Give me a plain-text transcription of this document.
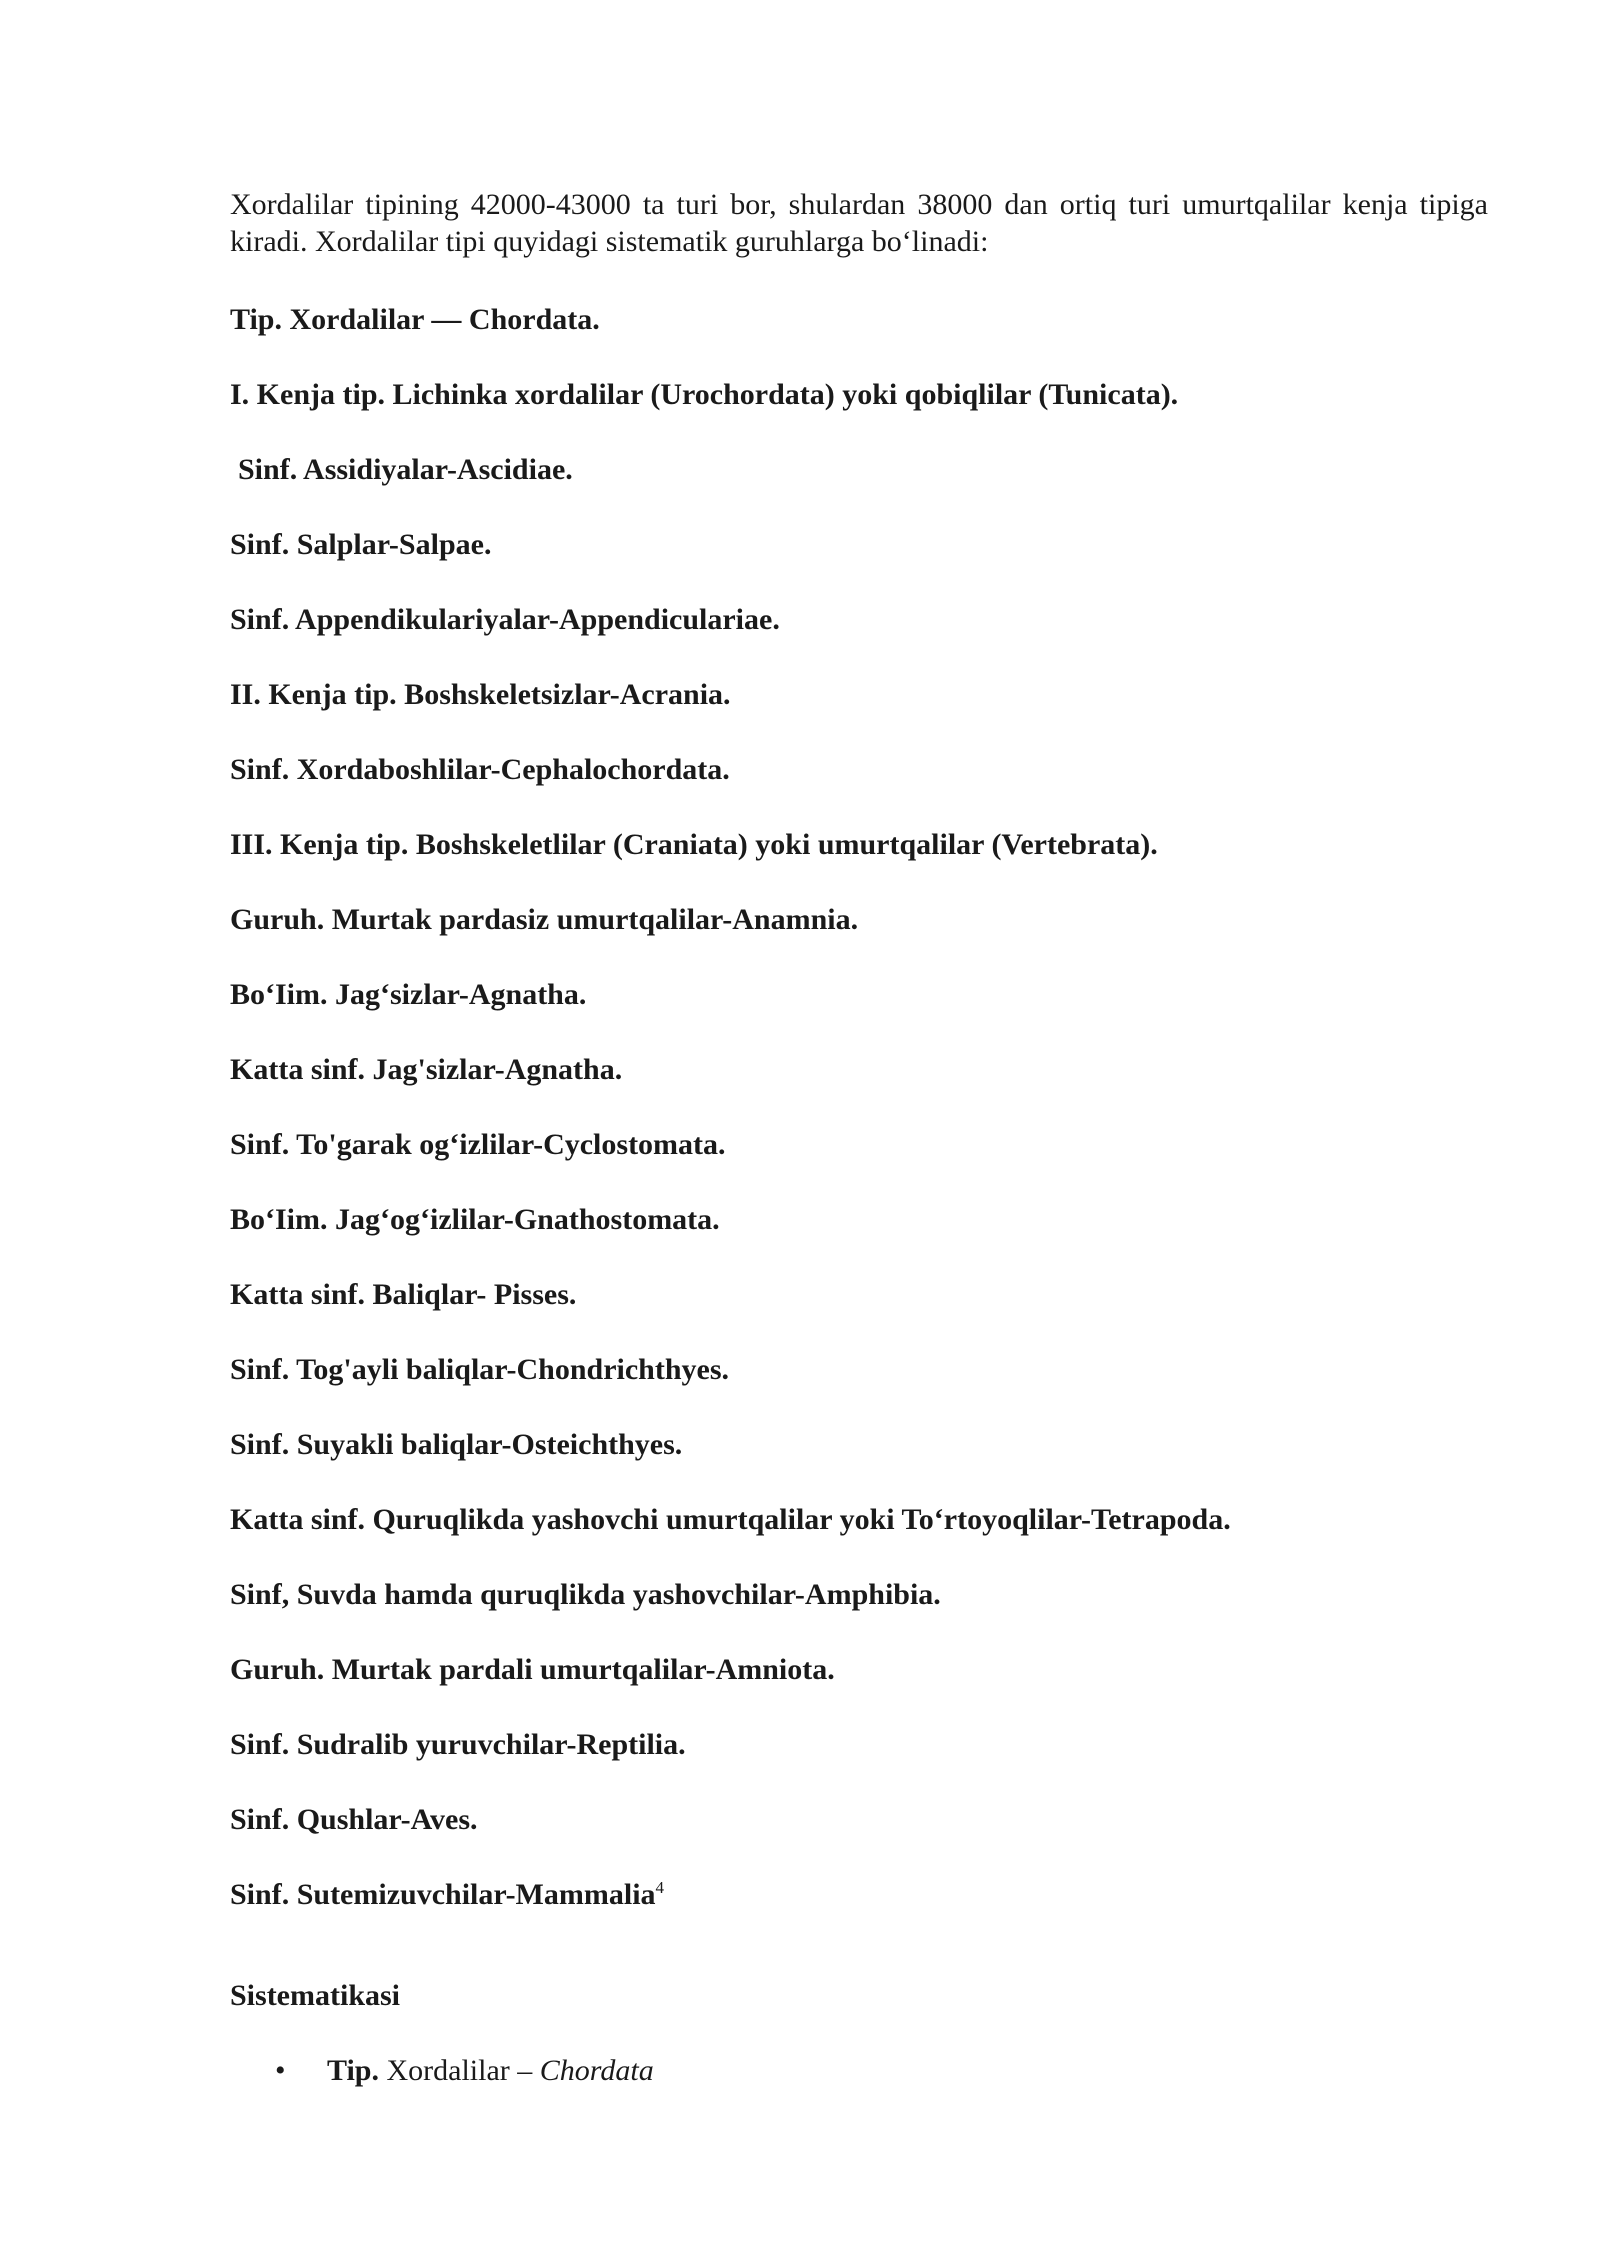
Xordalilar tipining 42000-43000 ta turi bor, shulardan 38000 dan ortiq turi umurtqalilar kenja tipiga kiradi. Xordalilar tipi quyidagi sistematik guruhlarga bo‘linadi:

Tip. Xordalilar — Chordata.

I. Kenja tip. Lichinka xordalilar (Urochordata) yoki qobiqlilar (Tunicata).

Sinf. Assidiyalar-Ascidiae.

Sinf. Salplar-Salpae.

Sinf. Appendikulariyalar-Appendiculariae.

II. Kenja tip. Boshskeletsizlar-Acrania.

Sinf. Xordaboshlilar-Cephalochordata.

III. Kenja tip. Boshskeletlilar (Craniata) yoki umurtqalilar (Vertebrata).

Guruh. Murtak pardasiz umurtqalilar-Anamnia.

Bo‘Iim. Jag‘sizlar-Agnatha.

Katta sinf. Jag'sizlar-Agnatha.

Sinf. To'garak og‘izlilar-Cyclostomata.

Bo‘Iim. Jag‘og‘izlilar-Gnathostomata.

Katta sinf. Baliqlar- Pisses.

Sinf. Tog'ayli baliqlar-Chondrichthyes.

Sinf. Suyakli baliqlar-Osteichthyes.

Katta sinf. Quruqlikda yashovchi umurtqalilar yoki To‘rtoyoqlilar-Tetrapoda.

Sinf, Suvda hamda quruqlikda yashovchilar-Amphibia.

Guruh. Murtak pardali umurtqalilar-Amniota.

Sinf. Sudralib yuruvchilar-Reptilia.

Sinf. Qushlar-Aves.

Sinf. Sutemizuvchilar-Mammalia$^4$

Sistematikasi

• Tip. Xordalilar – Chordata
